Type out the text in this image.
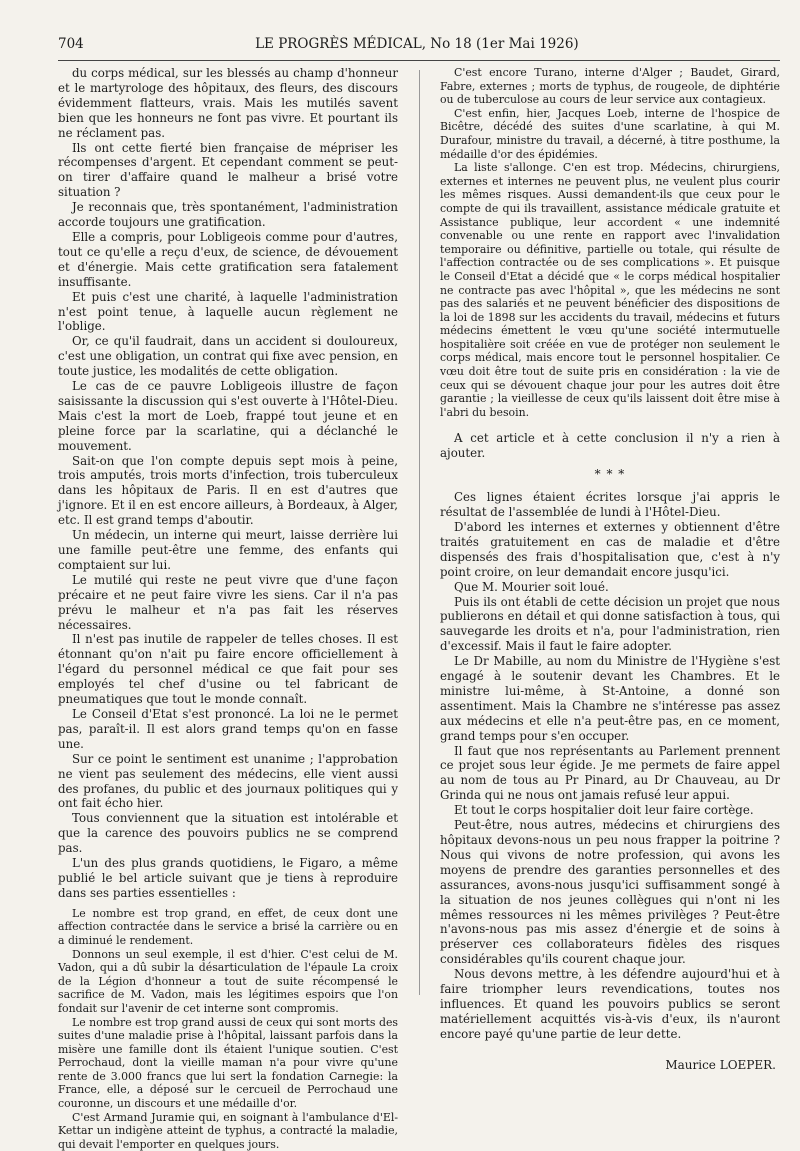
704	LE PROGRÈS MÉDICAL, No 18 (1er Mai 1926)

du corps médical, sur les blessés au champ d'honneur et le martyrologe des hôpitaux, des fleurs, des discours évidemment flatteurs, vrais. Mais les mutilés savent bien que les honneurs ne font pas vivre. Et pourtant ils ne réclament pas.

Ils ont cette fierté bien française de mépriser les récompenses d'argent. Et cependant comment se peut-on tirer d'affaire quand le malheur a brisé votre situation ?

Je reconnais que, très spontanément, l'administration accorde toujours une gratification.

Elle a compris, pour Lobligeois comme pour d'autres, tout ce qu'elle a reçu d'eux, de science, de dévouement et d'énergie. Mais cette gratification sera fatalement insuffisante.

Et puis c'est une charité, à laquelle l'administration n'est point tenue, à laquelle aucun règlement ne l'oblige.

Or, ce qu'il faudrait, dans un accident si douloureux, c'est une obligation, un contrat qui fixe avec pension, en toute justice, les modalités de cette obligation.

Le cas de ce pauvre Lobligeois illustre de façon saisissante la discussion qui s'est ouverte à l'Hôtel-Dieu. Mais c'est la mort de Loeb, frappé tout jeune et en pleine force par la scarlatine, qui a déclanché le mouvement.

Sait-on que l'on compte depuis sept mois à peine, trois amputés, trois morts d'infection, trois tuberculeux dans les hôpitaux de Paris. Il en est d'autres que j'ignore. Et il en est encore ailleurs, à Bordeaux, à Alger, etc. Il est grand temps d'aboutir.

Un médecin, un interne qui meurt, laisse derrière lui une famille peut-être une femme, des enfants qui comptaient sur lui.

Le mutilé qui reste ne peut vivre que d'une façon précaire et ne peut faire vivre les siens. Car il n'a pas prévu le malheur et n'a pas fait les réserves nécessaires.

Il n'est pas inutile de rappeler de telles choses. Il est étonnant qu'on n'ait pu faire encore officiellement à l'égard du personnel médical ce que fait pour ses employés tel chef d'usine ou tel fabricant de pneumatiques que tout le monde connaît.

Le Conseil d'Etat s'est prononcé. La loi ne le permet pas, paraît-il. Il est alors grand temps qu'on en fasse une.

Sur ce point le sentiment est unanime ; l'approbation ne vient pas seulement des médecins, elle vient aussi des profanes, du public et des journaux politiques qui y ont fait écho hier.

Tous conviennent que la situation est intolérable et que la carence des pouvoirs publics ne se comprend pas.

L'un des plus grands quotidiens, le Figaro, a même publié le bel article suivant que je tiens à reproduire dans ses parties essentielles :

Le nombre est trop grand, en effet, de ceux dont une affection contractée dans le service a brisé la carrière ou en a diminué le rendement.

Donnons un seul exemple, il est d'hier. C'est celui de M. Vadon, qui a dû subir la désarticulation de l'épaule La croix de la Légion d'honneur a tout de suite récompensé le sacrifice de M. Vadon, mais les légitimes espoirs que l'on fondait sur l'avenir de cet interne sont compromis.

Le nombre est trop grand aussi de ceux qui sont morts des suites d'une maladie prise à l'hôpital, laissant parfois dans la misère une famille dont ils étaient l'unique soutien. C'est Perrochaud, dont la vieille maman n'a pour vivre qu'une rente de 3.000 francs que lui sert la fondation Carnegie: la France, elle, a déposé sur le cercueil de Perrochaud une couronne, un discours et une médaille d'or.

C'est Armand Juramie qui, en soignant à l'ambulance d'El-Kettar un indigène atteint de typhus, a contracté la maladie, qui devait l'emporter en quelques jours.

C'est encore Turano, interne d'Alger ; Baudet, Girard, Fabre, externes ; morts de typhus, de rougeole, de diphtérie ou de tuberculose au cours de leur service aux contagieux.

C'est enfin, hier, Jacques Loeb, interne de l'hospice de Bicêtre, décédé des suites d'une scarlatine, à qui M. Durafour, ministre du travail, a décerné, à titre posthume, la médaille d'or des épidémies.

La liste s'allonge. C'en est trop. Médecins, chirurgiens, externes et internes ne peuvent plus, ne veulent plus courir les mêmes risques. Aussi demandent-ils que ceux pour le compte de qui ils travaillent, assistance médicale gratuite et Assistance publique, leur accordent « une indemnité convenable ou une rente en rapport avec l'invalidation temporaire ou définitive, partielle ou totale, qui résulte de l'affection contractée ou de ses complications ». Et puisque le Conseil d'Etat a décidé que « le corps médical hospitalier ne contracte pas avec l'hôpital », que les médecins ne sont pas des salariés et ne peuvent bénéficier des dispositions de la loi de 1898 sur les accidents du travail, médecins et futurs médecins émettent le vœu qu'une société intermutuelle hospitalière soit créée en vue de protéger non seulement le corps médical, mais encore tout le personnel hospitalier. Ce vœu doit être tout de suite pris en considération : la vie de ceux qui se dévouent chaque jour pour les autres doit être garantie ; la vieillesse de ceux qu'ils laissent doit être mise à l'abri du besoin.

A cet article et à cette conclusion il n'y a rien à ajouter.

* * *

Ces lignes étaient écrites lorsque j'ai appris le résultat de l'assemblée de lundi à l'Hôtel-Dieu.

D'abord les internes et externes y obtiennent d'être traités gratuitement en cas de maladie et d'être dispensés des frais d'hospitalisation que, c'est à n'y point croire, on leur demandait encore jusqu'ici.

Que M. Mourier soit loué.

Puis ils ont établi de cette décision un projet que nous publierons en détail et qui donne satisfaction à tous, qui sauvegarde les droits et n'a, pour l'administration, rien d'excessif. Mais il faut le faire adopter.

Le Dr Mabille, au nom du Ministre de l'Hygiène s'est engagé à le soutenir devant les Chambres. Et le ministre lui-même, à St-Antoine, a donné son assentiment. Mais la Chambre ne s'intéresse pas assez aux médecins et elle n'a peut-être pas, en ce moment, grand temps pour s'en occuper.

Il faut que nos représentants au Parlement prennent ce projet sous leur égide. Je me permets de faire appel au nom de tous au Pr Pinard, au Dr Chauveau, au Dr Grinda qui ne nous ont jamais refusé leur appui.

Et tout le corps hospitalier doit leur faire cortège.

Peut-être, nous autres, médecins et chirurgiens des hôpitaux devons-nous un peu nous frapper la poitrine ? Nous qui vivons de notre profession, qui avons les moyens de prendre des garanties personnelles et des assurances, avons-nous jusqu'ici suffisamment songé à la situation de nos jeunes collègues qui n'ont ni les mêmes ressources ni les mêmes privilèges ? Peut-être n'avons-nous pas mis assez d'énergie et de soins à préserver ces collaborateurs fidèles des risques considérables qu'ils courent chaque jour.

Nous devons mettre, à les défendre aujourd'hui et à faire triompher leurs revendications, toutes nos influences. Et quand les pouvoirs publics se seront matériellement acquittés vis-à-vis d'eux, ils n'auront encore payé qu'une partie de leur dette.

Maurice LOEPER.
